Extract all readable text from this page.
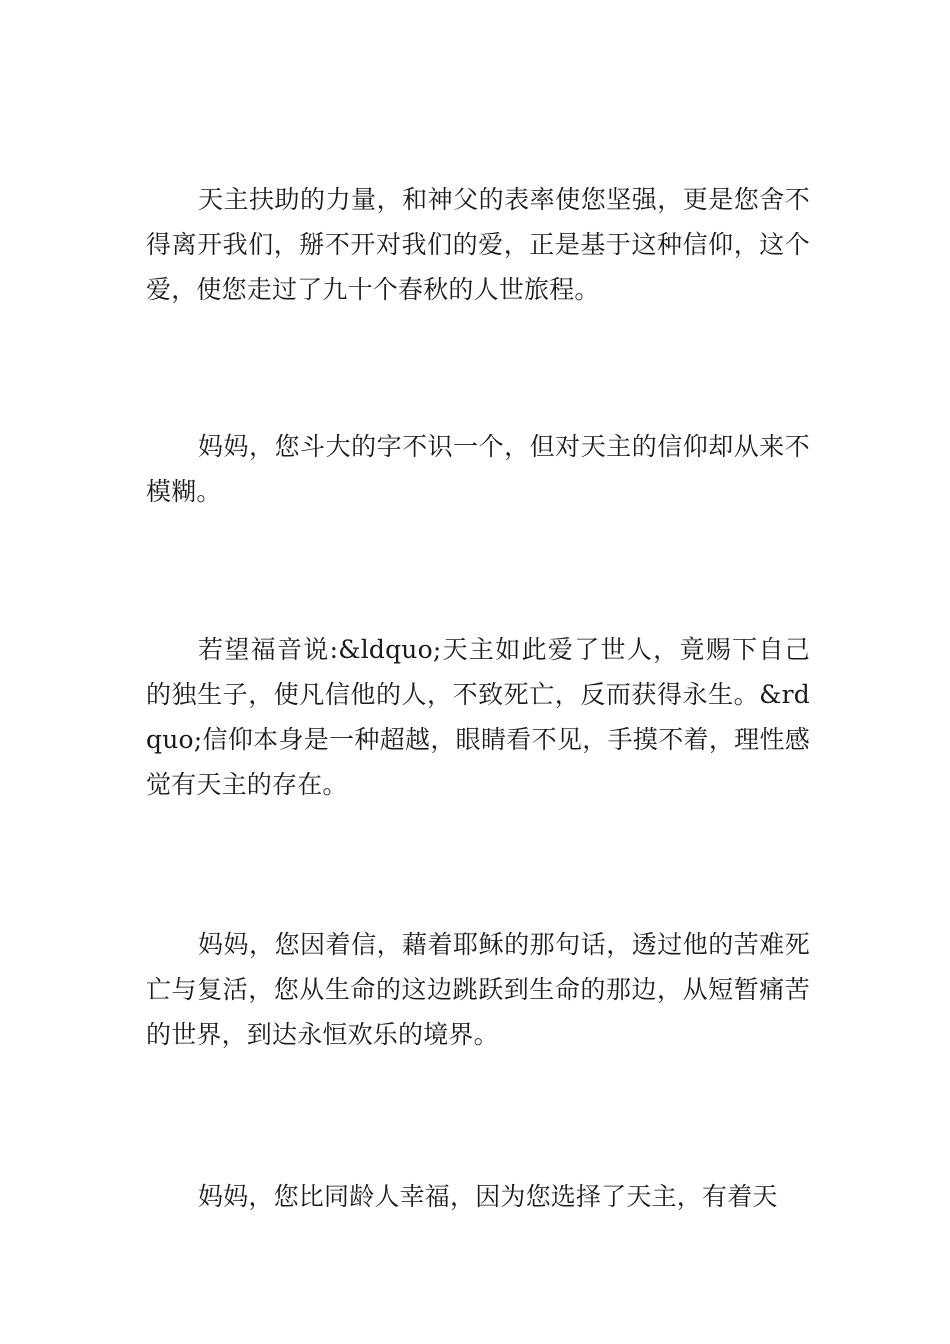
天主扶助的力量，和神父的表率使您坚强，更是您舍不得离开我们，掰不开对我们的爱，正是基于这种信仰，这个爱，使您走过了九十个春秋的人世旅程。

妈妈，您斗大的字不识一个，但对天主的信仰却从来不模糊。

若望福音说:&ldquo;天主如此爱了世人，竟赐下自己的独生子，使凡信他的人，不致死亡，反而获得永生。&rdquo;信仰本身是一种超越，眼睛看不见，手摸不着，理性感觉有天主的存在。

妈妈，您因着信，藉着耶稣的那句话，透过他的苦难死亡与复活，您从生命的这边跳跃到生命的那边，从短暂痛苦的世界，到达永恒欢乐的境界。

妈妈，您比同龄人幸福，因为您选择了天主，有着天
